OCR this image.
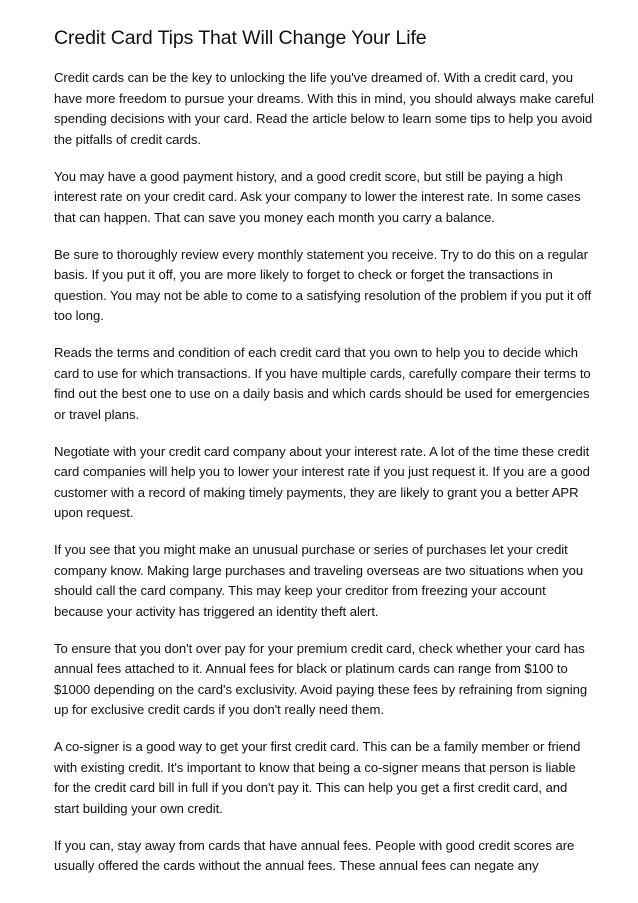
Credit Card Tips That Will Change Your Life

Credit cards can be the key to unlocking the life you've dreamed of. With a credit card, you have more freedom to pursue your dreams. With this in mind, you should always make careful spending decisions with your card. Read the article below to learn some tips to help you avoid the pitfalls of credit cards.

You may have a good payment history, and a good credit score, but still be paying a high interest rate on your credit card. Ask your company to lower the interest rate. In some cases that can happen. That can save you money each month you carry a balance.

Be sure to thoroughly review every monthly statement you receive. Try to do this on a regular basis. If you put it off, you are more likely to forget to check or forget the transactions in question. You may not be able to come to a satisfying resolution of the problem if you put it off too long.

Reads the terms and condition of each credit card that you own to help you to decide which card to use for which transactions. If you have multiple cards, carefully compare their terms to find out the best one to use on a daily basis and which cards should be used for emergencies or travel plans.

Negotiate with your credit card company about your interest rate. A lot of the time these credit card companies will help you to lower your interest rate if you just request it. If you are a good customer with a record of making timely payments, they are likely to grant you a better APR upon request.

If you see that you might make an unusual purchase or series of purchases let your credit company know. Making large purchases and traveling overseas are two situations when you should call the card company. This may keep your creditor from freezing your account because your activity has triggered an identity theft alert.

To ensure that you don't over pay for your premium credit card, check whether your card has annual fees attached to it. Annual fees for black or platinum cards can range from $100 to $1000 depending on the card's exclusivity. Avoid paying these fees by refraining from signing up for exclusive credit cards if you don't really need them.

A co-signer is a good way to get your first credit card. This can be a family member or friend with existing credit. It's important to know that being a co-signer means that person is liable for the credit card bill in full if you don't pay it. This can help you get a first credit card, and start building your own credit.

If you can, stay away from cards that have annual fees. People with good credit scores are usually offered the cards without the annual fees. These annual fees can negate any
